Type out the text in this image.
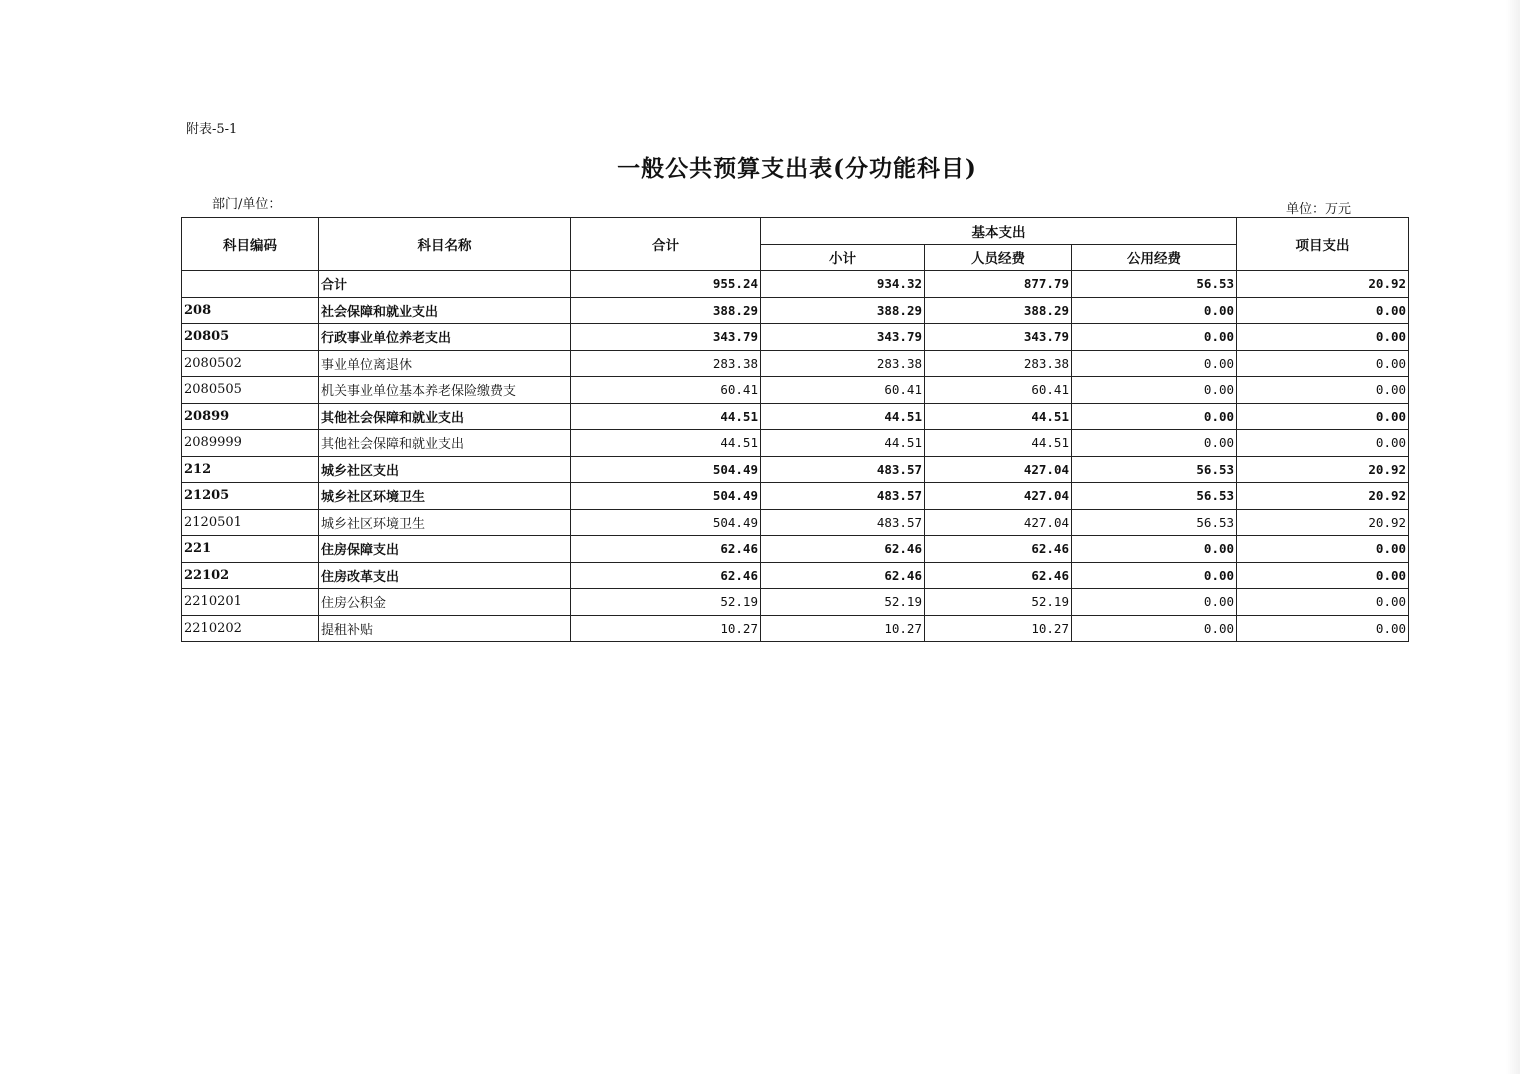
附表-5-1
一般公共预算支出表(分功能科目)
部门/单位：	单位：万元
科目编码	科目名称	合计	基本支出			项目支出
			小计	人员经费	公用经费	
	合计	955.24	934.32	877.79	56.53	20.92
208	社会保障和就业支出	388.29	388.29	388.29	0.00	0.00
20805	行政事业单位养老支出	343.79	343.79	343.79	0.00	0.00
2080502	事业单位离退休	283.38	283.38	283.38	0.00	0.00
2080505	机关事业单位基本养老保险缴费支	60.41	60.41	60.41	0.00	0.00
20899	其他社会保障和就业支出	44.51	44.51	44.51	0.00	0.00
2089999	其他社会保障和就业支出	44.51	44.51	44.51	0.00	0.00
212	城乡社区支出	504.49	483.57	427.04	56.53	20.92
21205	城乡社区环境卫生	504.49	483.57	427.04	56.53	20.92
2120501	城乡社区环境卫生	504.49	483.57	427.04	56.53	20.92
221	住房保障支出	62.46	62.46	62.46	0.00	0.00
22102	住房改革支出	62.46	62.46	62.46	0.00	0.00
2210201	住房公积金	52.19	52.19	52.19	0.00	0.00
2210202	提租补贴	10.27	10.27	10.27	0.00	0.00
